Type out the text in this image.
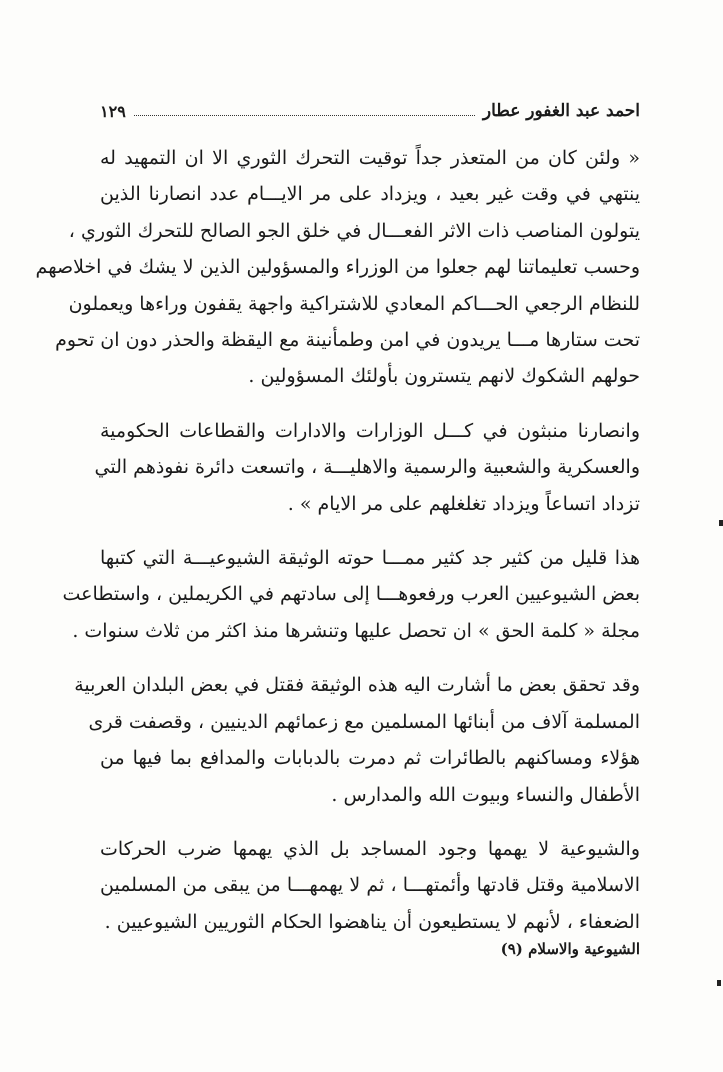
احمد عبد الغفور عطار
١٢٩
« ولئن كان من المتعذر جداً توقيت التحرك الثوري الا ان التمهيد له
ينتهي في وقت غير بعيد ، ويزداد على مر الايـــام عدد انصارنا الذين
يتولون المناصب ذات الاثر الفعـــال في خلق الجو الصالح للتحرك الثوري ،
وحسب تعليماتنا لهم جعلوا من الوزراء والمسؤولين الذين لا يشك في اخلاصهم
للنظام الرجعي الحـــاكم المعادي للاشتراكية واجهة يقفون وراءها ويعملون
تحت ستارها مـــا يريدون في امن وطمأنينة مع اليقظة والحذر دون ان تحوم
حولهم الشكوك لانهم يتسترون بأولئك المسؤولين .
وانصارنا منبثون في كـــل الوزارات والادارات والقطاعات الحكومية
والعسكرية والشعبية والرسمية والاهليـــة ، واتسعت دائرة نفوذهم التي
تزداد اتساعاً ويزداد تغلغلهم على مر الايام » .
هذا قليل من كثير جد كثير ممـــا حوته الوثيقة الشيوعيـــة التي كتبها
بعض الشيوعيين العرب ورفعوهـــا إلى سادتهم في الكريملين ، واستطاعت
مجلة « كلمة الحق » ان تحصل عليها وتنشرها منذ اكثر من ثلاث سنوات .
وقد تحقق بعض ما أشارت اليه هذه الوثيقة فقتل في بعض البلدان العربية
المسلمة آلاف من أبنائها المسلمين مع زعمائهم الدينيين ، وقصفت قرى
هؤلاء ومساكنهم بالطائرات ثم دمرت بالدبابات والمدافع بما فيها من
الأطفال والنساء وبيوت الله والمدارس .
والشيوعية لا يهمها وجود المساجد بل الذي يهمها ضرب الحركات
الاسلامية وقتل قادتها وأئمتهـــا ، ثم لا يهمهـــا من يبقى من المسلمين
الضعفاء ، لأنهم لا يستطيعون أن يناهضوا الحكام الثوريين الشيوعيين .
الشيوعية والاسلام (٩)
